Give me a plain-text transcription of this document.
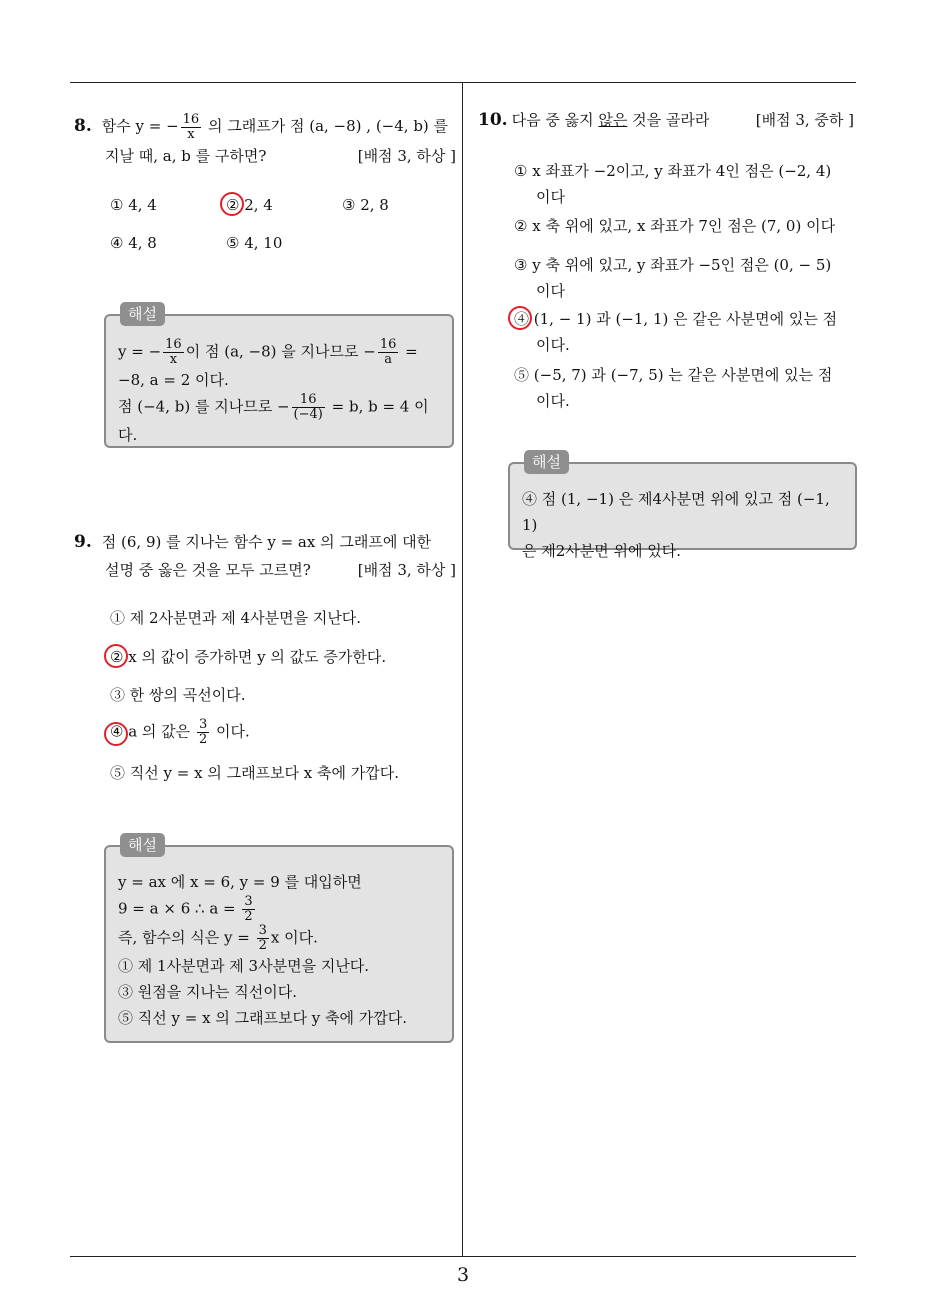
3
8. 함수 y = − $\frac{16}{x}$ 의 그래프가 점 (a, −8) , (−4, b) 를
지날 때, a, b 를 구하면?	[배점 3, 하상 ]
① 4, 4	② 2, 4	③ 2, 8
④ 4, 8	⑤ 4, 10
해설
y = − $\frac{16}{x}$ 이 점 (a, −8) 을 지나므로 − $\frac{16}{a}$ =
−8, a = 2 이다.
점 (−4, b) 를 지나므로 − $\frac{16}{(-4)} = b$, b = 4 이다.
9. 점 (6, 9) 를 지나는 함수 y = ax 의 그래프에 대한
설명 중 옳은 것을 모두 고르면?	[배점 3, 하상 ]
① 제 2사분면과 제 4사분면을 지난다.
② x 의 값이 증가하면 y 의 값도 증가한다.
③ 한 쌍의 곡선이다.
④ a 의 값은 $\frac{3}{2}$ 이다.
⑤ 직선 y = x 의 그래프보다 x 축에 가깝다.
해설
y = ax 에 x = 6, y = 9 를 대입하면
9 = a × 6 ∴ $a = \frac{3}{2}$
즉, 함수의 식은 $y = \frac{3}{2}$ x 이다.
① 제 1사분면과 제 3사분면을 지난다.
③ 원점을 지나는 직선이다.
⑤ 직선 y = x 의 그래프보다 y 축에 가깝다.
10. 다음 중 옳지 않은 것을 골라라	[배점 3, 중하 ]
① x 좌표가 −2이고, y 좌표가 4인 점은 (−2, 4)
이다
② x 축 위에 있고, x 좌표가 7인 점은 (7, 0) 이다
③ y 축 위에 있고, y 좌표가 −5인 점은 (0, − 5)
이다
④ (1, − 1) 과 (−1, 1) 은 같은 사분면에 있는 점
이다.
⑤ (−5, 7) 과 (−7, 5) 는 같은 사분면에 있는 점
이다.
해설
④ 점 (1, −1) 은 제4사분면 위에 있고 점 (−1, 1)
은 제2사분면 위에 있다.
